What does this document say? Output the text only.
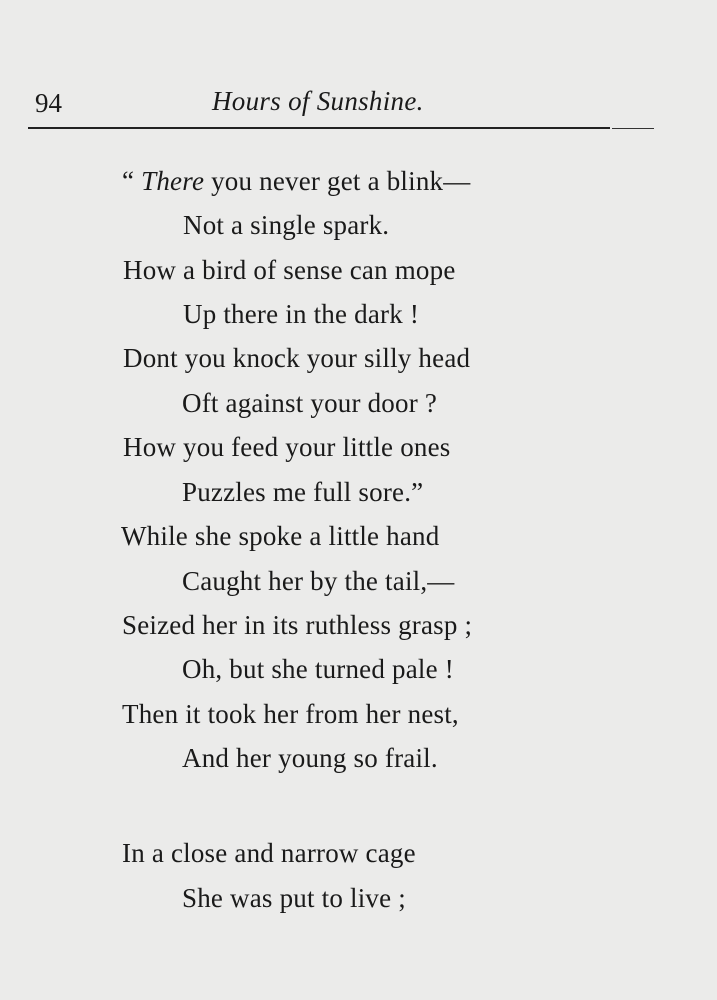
94	Hours of Sunshine.
“ There you never get a blink—
Not a single spark.
How a bird of sense can mope
Up there in the dark !
Dont you knock your silly head
Oft against your door ?
How you feed your little ones
Puzzles me full sore.”
While she spoke a little hand
Caught her by the tail,—
Seized her in its ruthless grasp ;
Oh, but she turned pale !
Then it took her from her nest,
And her young so frail.
In a close and narrow cage
She was put to live ;
